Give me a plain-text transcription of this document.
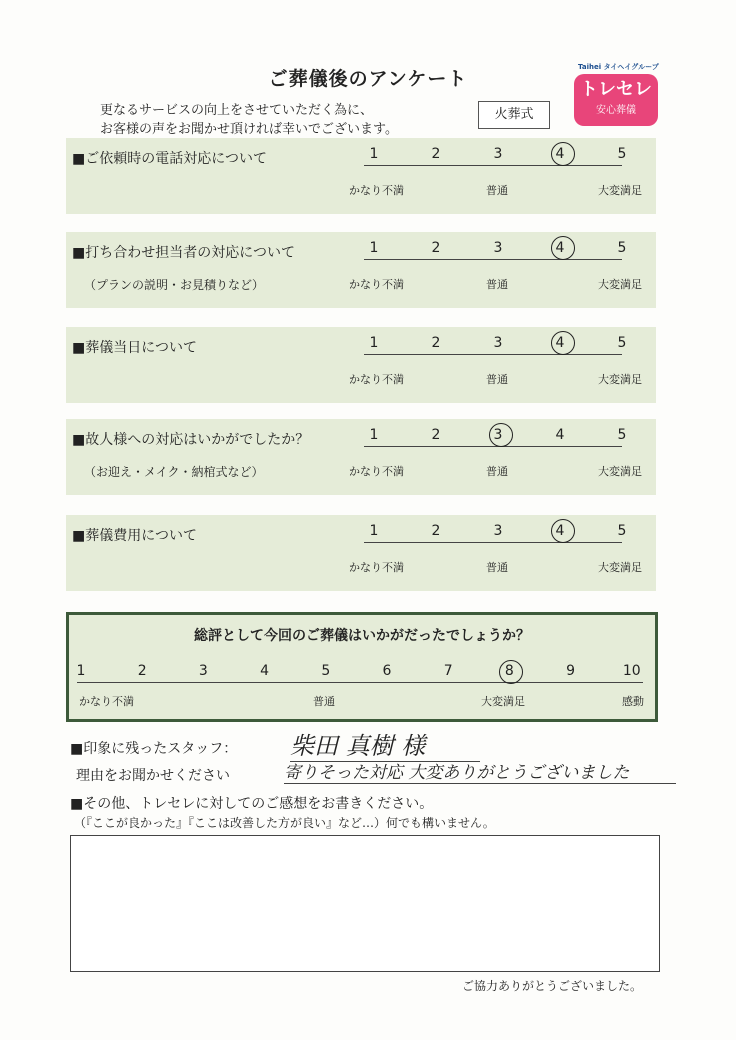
ご葬儀後のアンケート
更なるサービスの向上をさせていただく為に、
お客様の声をお聞かせ頂ければ幸いでございます。
火葬式
Taihei タイヘイグループ
トレセレ
安心葬儀
■ご依頼時の電話対応について	1	2	3	4	5
かなり不満	普通	大変満足
■打ち合わせ担当者の対応について
（プランの説明・お見積りなど）
1	2	3	4	5
かなり不満	普通	大変満足
■葬儀当日について	1	2	3	4	5
かなり不満	普通	大変満足
■故人様への対応はいかがでしたか？
（お迎え・メイク・納棺式など）
1	2	3	4	5
かなり不満	普通	大変満足
■葬儀費用について	1	2	3	4	5
かなり不満	普通	大変満足
総評として今回のご葬儀はいかがだったでしょうか？
1	2	3	4	5	6	7	8	9	10
かなり不満	普通	大変満足	感動
■印象に残ったスタッフ： 柴田 真樹 様
理由をお聞かせください	寄りそった対応 大変ありがとうございました
■その他、トレセレに対してのご感想をお書きください。
（『ここが良かった』『ここは改善した方が良い』など…）何でも構いません。
ご協力ありがとうございました。
